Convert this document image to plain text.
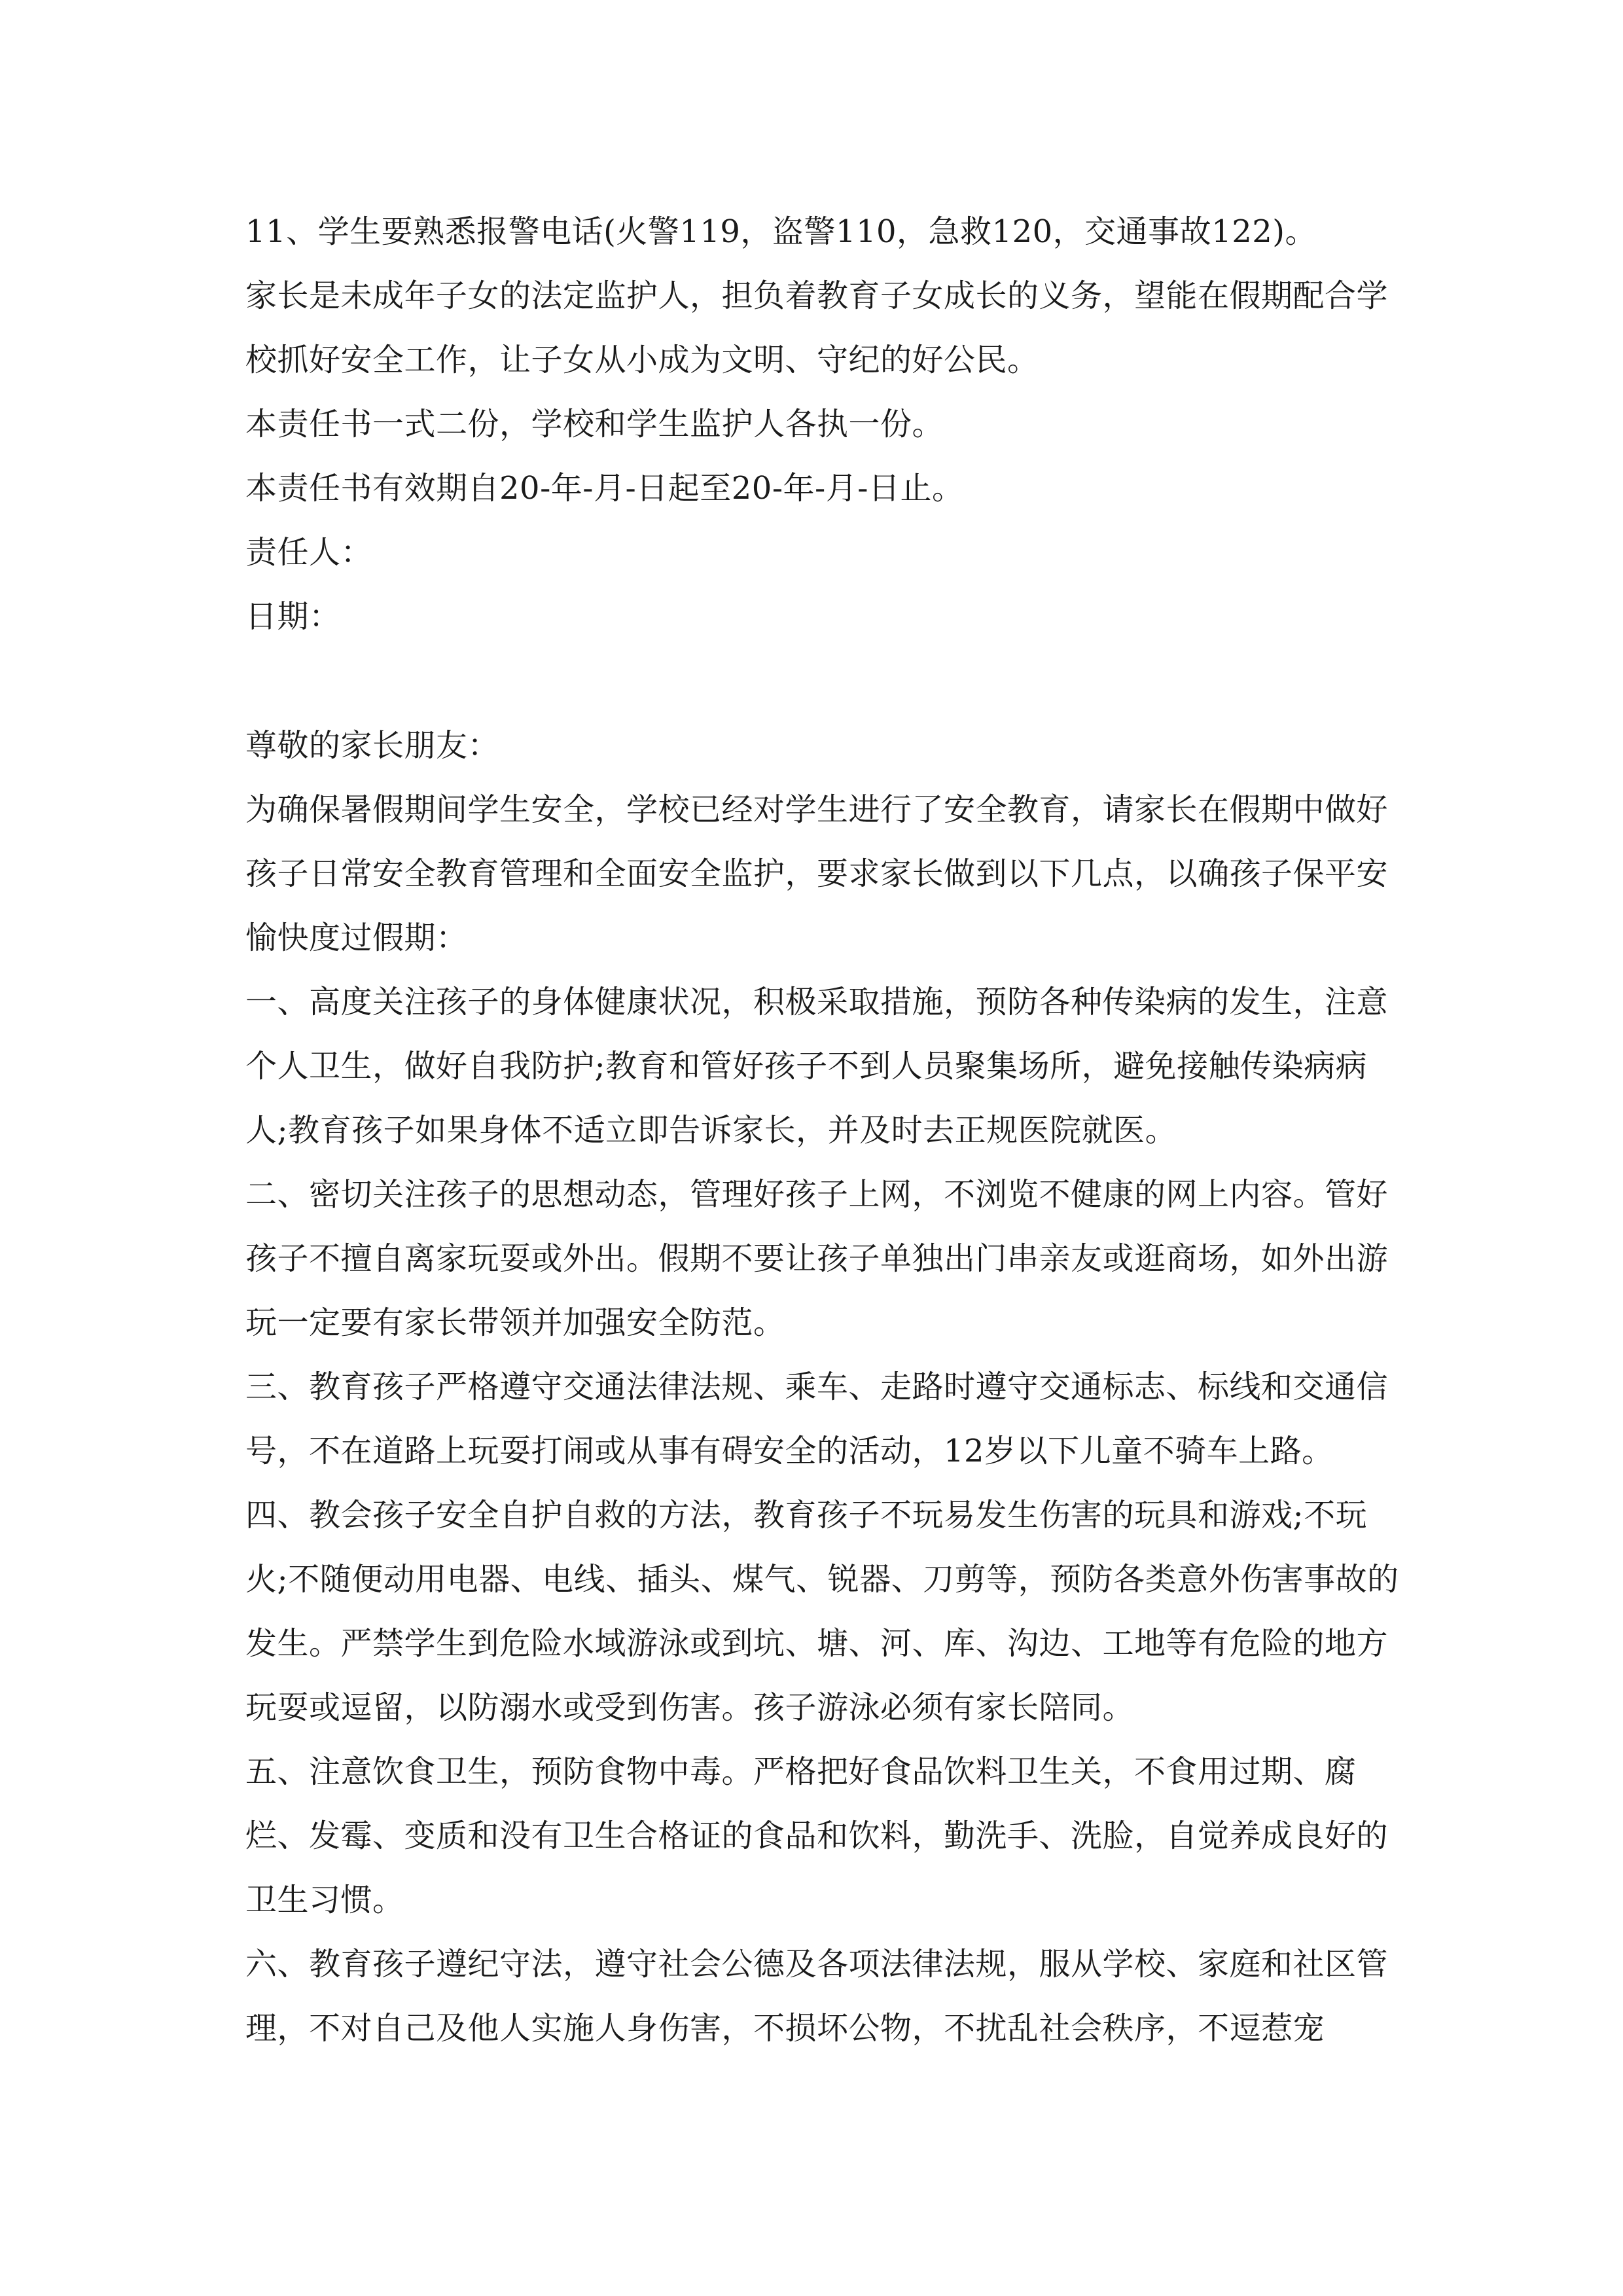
11、学生要熟悉报警电话(火警119，盗警110，急救120，交通事故122)。

家长是未成年子女的法定监护人，担负着教育子女成长的义务，望能在假期配合学校抓好安全工作，让子女从小成为文明、守纪的好公民。

本责任书一式二份，学校和学生监护人各执一份。

本责任书有效期自20-年-月-日起至20-年-月-日止。

责任人：

日期：

尊敬的家长朋友：

为确保暑假期间学生安全，学校已经对学生进行了安全教育，请家长在假期中做好孩子日常安全教育管理和全面安全监护，要求家长做到以下几点，以确孩子保平安愉快度过假期：

一、高度关注孩子的身体健康状况，积极采取措施，预防各种传染病的发生，注意个人卫生，做好自我防护;教育和管好孩子不到人员聚集场所，避免接触传染病病人;教育孩子如果身体不适立即告诉家长，并及时去正规医院就医。

二、密切关注孩子的思想动态，管理好孩子上网，不浏览不健康的网上内容。管好孩子不擅自离家玩耍或外出。假期不要让孩子单独出门串亲友或逛商场，如外出游玩一定要有家长带领并加强安全防范。

三、教育孩子严格遵守交通法律法规、乘车、走路时遵守交通标志、标线和交通信号，不在道路上玩耍打闹或从事有碍安全的活动，12岁以下儿童不骑车上路。

四、教会孩子安全自护自救的方法，教育孩子不玩易发生伤害的玩具和游戏;不玩火;不随便动用电器、电线、插头、煤气、锐器、刀剪等，预防各类意外伤害事故的发生。严禁学生到危险水域游泳或到坑、塘、河、库、沟边、工地等有危险的地方玩耍或逗留，以防溺水或受到伤害。孩子游泳必须有家长陪同。

五、注意饮食卫生，预防食物中毒。严格把好食品饮料卫生关，不食用过期、腐烂、发霉、变质和没有卫生合格证的食品和饮料，勤洗手、洗脸，自觉养成良好的卫生习惯。

六、教育孩子遵纪守法，遵守社会公德及各项法律法规，服从学校、家庭和社区管理，不对自己及他人实施人身伤害，不损坏公物，不扰乱社会秩序，不逗惹宠
